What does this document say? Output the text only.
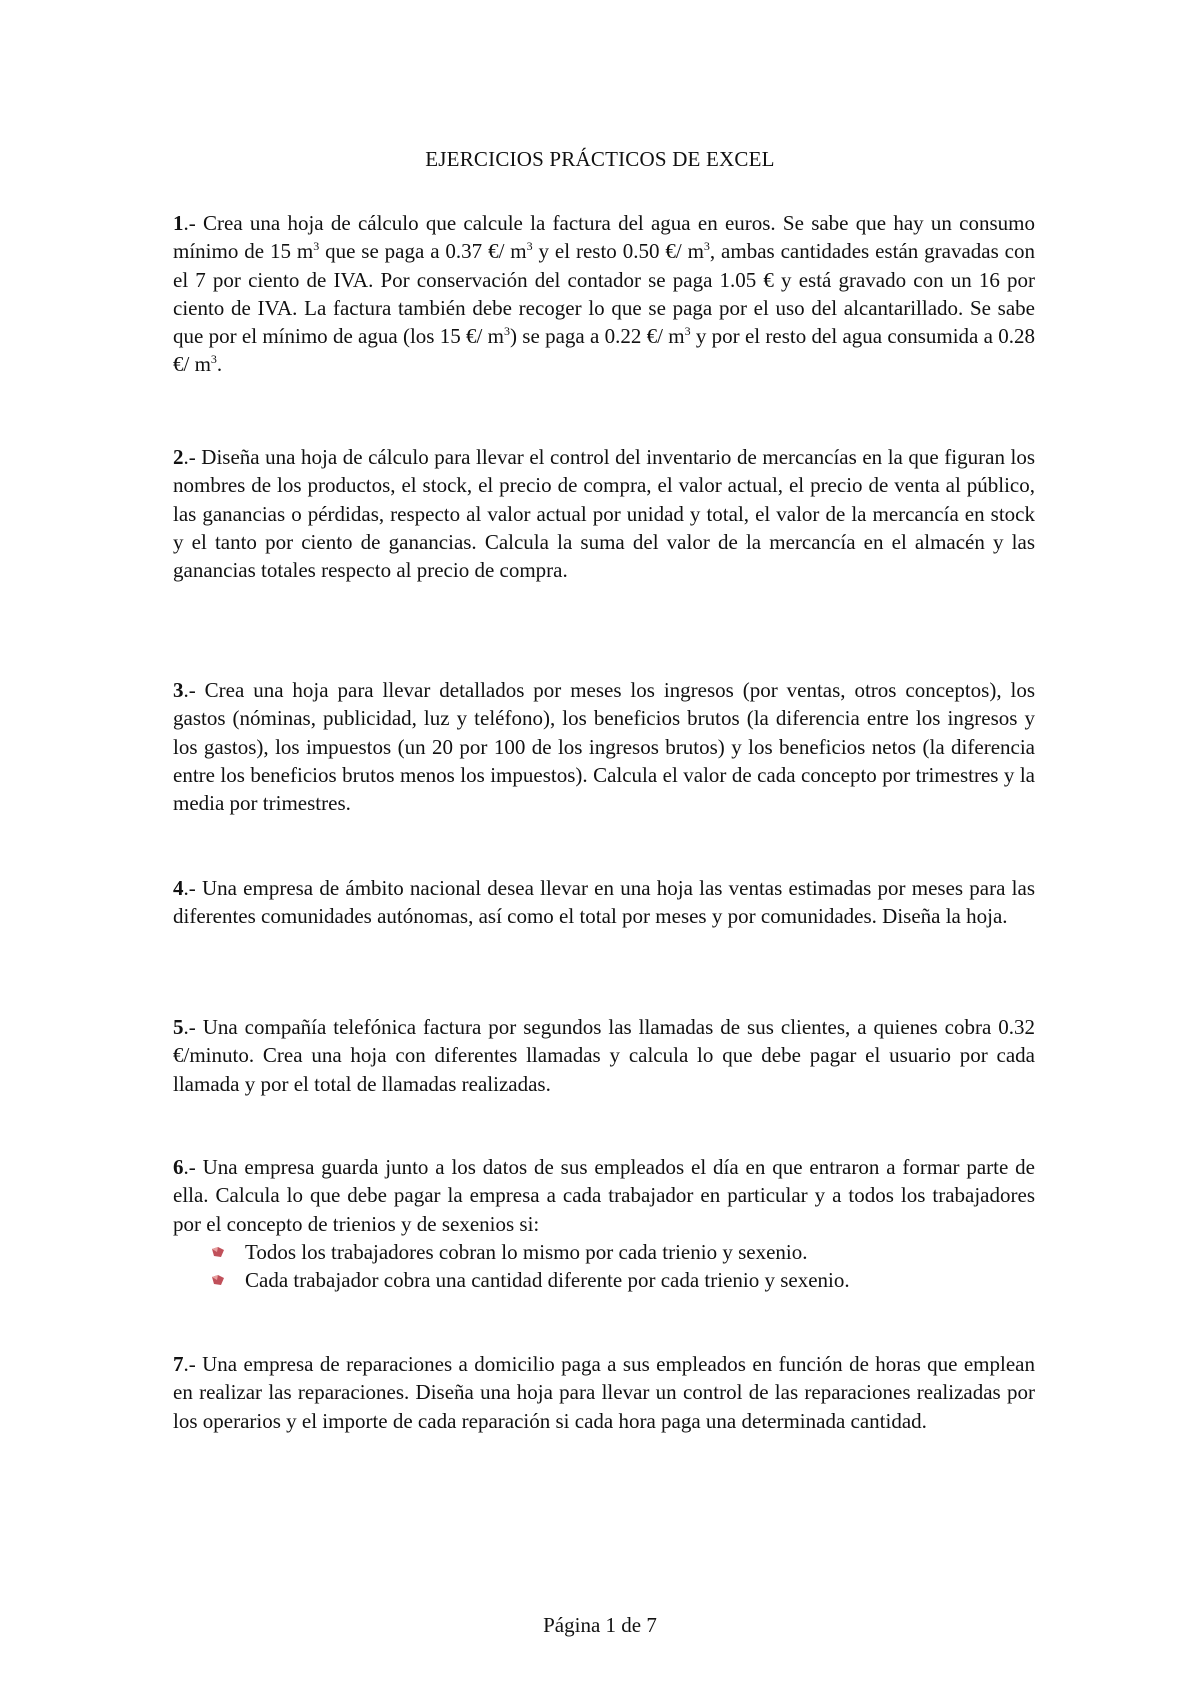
EJERCICIOS PRÁCTICOS DE EXCEL

1.- Crea una hoja de cálculo que calcule la factura del agua en euros. Se sabe que hay un consumo mínimo de 15 $m^3$ que se paga a 0.37 €/ $m^3$ y el resto 0.50 €/ $m^3$, ambas cantidades están gravadas con el 7 por ciento de IVA. Por conservación del contador se paga 1.05 € y está gravado con un 16 por ciento de IVA. La factura también debe recoger lo que se paga por el uso del alcantarillado. Se sabe que por el mínimo de agua (los 15 €/ $m^3$) se paga a 0.22 €/ $m^3$ y por el resto del agua consumida a 0.28 €/ $m^3$.

2.- Diseña una hoja de cálculo para llevar el control del inventario de mercancías en la que figuran los nombres de los productos, el stock, el precio de compra, el valor actual, el precio de venta al público, las ganancias o pérdidas, respecto al valor actual por unidad y total, el valor de la mercancía en stock y el tanto por ciento de ganancias. Calcula la suma del valor de la mercancía en el almacén y las ganancias totales respecto al precio de compra.

3.- Crea una hoja para llevar detallados por meses los ingresos (por ventas, otros conceptos), los gastos (nóminas, publicidad, luz y teléfono), los beneficios brutos (la diferencia entre los ingresos y los gastos), los impuestos (un 20 por 100 de los ingresos brutos) y los beneficios netos (la diferencia entre los beneficios brutos menos los impuestos). Calcula el valor de cada concepto por trimestres y la media por trimestres.

4.- Una empresa de ámbito nacional desea llevar en una hoja las ventas estimadas por meses para las diferentes comunidades autónomas, así como el total por meses y por comunidades. Diseña la hoja.

5.- Una compañía telefónica factura por segundos las llamadas de sus clientes, a quienes cobra 0.32 €/minuto. Crea una hoja con diferentes llamadas y calcula lo que debe pagar el usuario por cada llamada y por el total de llamadas realizadas.

6.- Una empresa guarda junto a los datos de sus empleados el día en que entraron a formar parte de ella. Calcula lo que debe pagar la empresa a cada trabajador en particular y a todos los trabajadores por el concepto de trienios y de sexenios si:

Todos los trabajadores cobran lo mismo por cada trienio y sexenio.
Cada trabajador cobra una cantidad diferente por cada trienio y sexenio.

7.- Una empresa de reparaciones a domicilio paga a sus empleados en función de horas que emplean en realizar las reparaciones. Diseña una hoja para llevar un control de las reparaciones realizadas por los operarios y el importe de cada reparación si cada hora paga una determinada cantidad.

Página 1 de 7
